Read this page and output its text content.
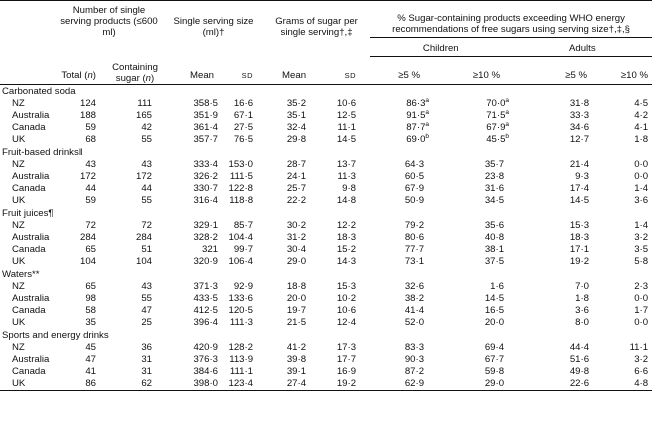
	Number of single serving products (≤600 ml)		Single serving size (ml)†		Grams of sugar per single serving†,‡		% Sugar-containing products exceeding WHO energy recommendations of free sugars using serving size†,‡,§			
							Children		Adults	
	Total (n)	Containing sugar (n)	Mean	SD	Mean	SD	≥5 %	≥10 %	≥5 %	≥10 %
Carbonated soda										
NZ	124	111	358·5	16·6	35·2	10·6	$86\cdot 3^a$	$70\cdot 0^a$	31·8	4·5
Australia	188	165	351·9	67·1	35·1	12·5	$91\cdot 5^a$	$71\cdot 5^a$	33·3	4·2
Canada	59	42	361·4	27·5	32·4	11·1	$87\cdot 7^a$	$67\cdot 9^a$	34·6	4·1
UK	68	55	357·7	76·5	29·8	14·5	$69\cdot 0^b$	$45\cdot 5^b$	12·7	1·8
Fruit-based drinks‖										
NZ	43	43	333·4	153·0	28·7	13·7	64·3	35·7	21·4	0·0
Australia	172	172	326·2	111·5	24·1	11·3	60·5	23·8	9·3	0·0
Canada	44	44	330·7	122·8	25·7	9·8	67·9	31·6	17·4	1·4
UK	59	55	316·4	118·8	22·2	14·8	50·9	34·5	14·5	3·6
Fruit juices¶										
NZ	72	72	329·1	85·7	30·2	12·2	79·2	35·6	15·3	1·4
Australia	284	284	328·2	104·4	31·2	18·3	80·6	40·8	18·3	3·2
Canada	65	51	321	99·7	30·4	15·2	77·7	38·1	17·1	3·5
UK	104	104	320·9	106·4	29·0	14·3	73·1	37·5	19·2	5·8
Waters**										
NZ	65	43	371·3	92·9	18·8	15·3	32·6	1·6	7·0	2·3
Australia	98	55	433·5	133·6	20·0	10·2	38·2	14·5	1·8	0·0
Canada	58	47	412·5	120·5	19·7	10·6	41·4	16·5	3·6	1·7
UK	35	25	396·4	111·3	21·5	12·4	52·0	20·0	8·0	0·0
Sports and energy drinks										
NZ	45	36	420·9	128·2	41·2	17·3	83·3	69·4	44·4	11·1
Australia	47	31	376·3	113·9	39·8	17·7	90·3	67·7	51·6	3·2
Canada	41	31	384·6	111·1	39·1	16·9	87·2	59·8	49·8	6·6
UK	86	62	398·0	123·4	27·4	19·2	62·9	29·0	22·6	4·8
